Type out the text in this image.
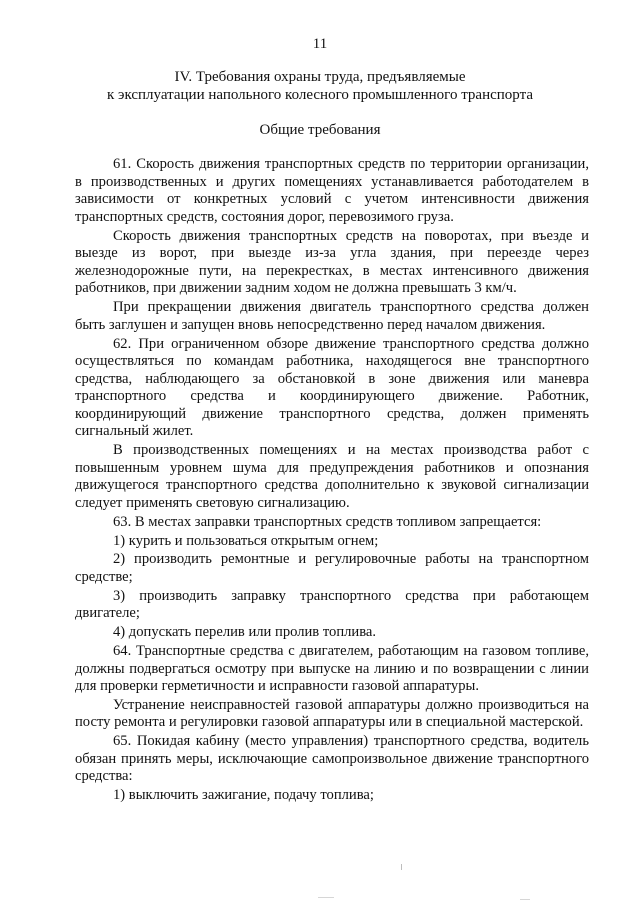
11
IV. Требования охраны труда, предъявляемые
к эксплуатации напольного колесного промышленного транспорта
Общие требования

61. Скорость движения транспортных средств по территории организации, в производственных и других помещениях устанавливается работодателем в зависимости от конкретных условий с учетом интенсивности движения транспортных средств, состояния дорог, перевозимого груза.

Скорость движения транспортных средств на поворотах, при въезде и выезде из ворот, при выезде из-за угла здания, при переезде через железнодорожные пути, на перекрестках, в местах интенсивного движения работников, при движении задним ходом не должна превышать 3 км/ч.

При прекращении движения двигатель транспортного средства должен быть заглушен и запущен вновь непосредственно перед началом движения.

62. При ограниченном обзоре движение транспортного средства должно осуществляться по командам работника, находящегося вне транспортного средства, наблюдающего за обстановкой в зоне движения или маневра транспортного средства и координирующего движение. Работник, координирующий движение транспортного средства, должен применять сигнальный жилет.

В производственных помещениях и на местах производства работ с повышенным уровнем шума для предупреждения работников и опознания движущегося транспортного средства дополнительно к звуковой сигнализации следует применять световую сигнализацию.

63. В местах заправки транспортных средств топливом запрещается:

1) курить и пользоваться открытым огнем;

2) производить ремонтные и регулировочные работы на транспортном средстве;

3) производить заправку транспортного средства при работающем двигателе;

4) допускать перелив или пролив топлива.

64. Транспортные средства с двигателем, работающим на газовом топливе, должны подвергаться осмотру при выпуске на линию и по возвращении с линии для проверки герметичности и исправности газовой аппаратуры.

Устранение неисправностей газовой аппаратуры должно производиться на посту ремонта и регулировки газовой аппаратуры или в специальной мастерской.

65. Покидая кабину (место управления) транспортного средства, водитель обязан принять меры, исключающие самопроизвольное движение транспортного средства:

1) выключить зажигание, подачу топлива;
